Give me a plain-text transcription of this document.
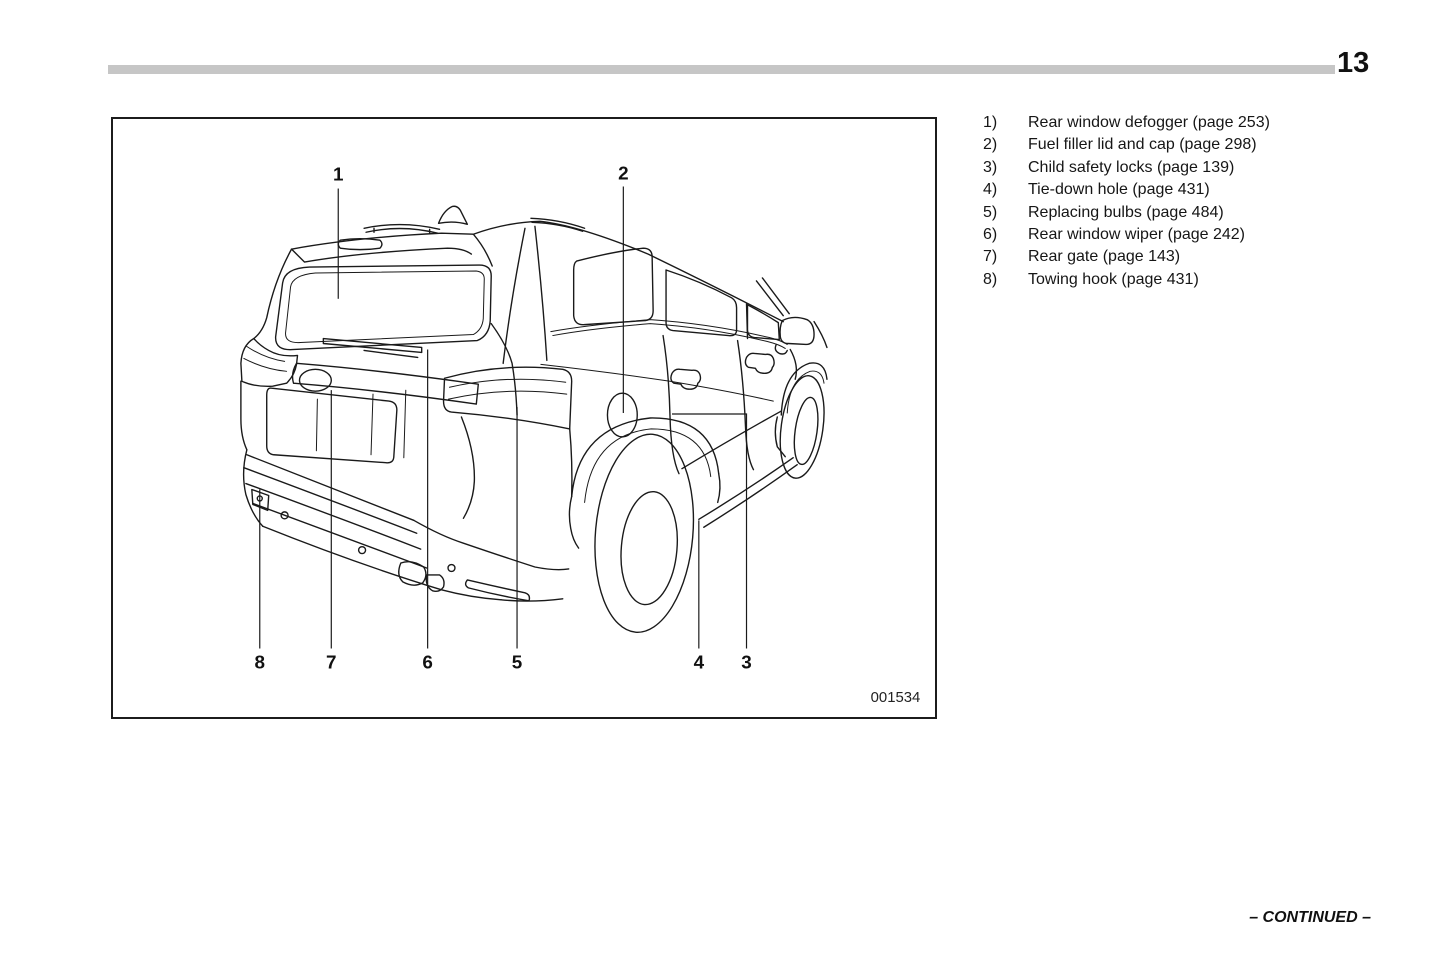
13
1	2
8	7	6	5	4 3
001534
1)	Rear window defogger (page 253)
2)	Fuel filler lid and cap (page 298)
3)	Child safety locks (page 139)
4)	Tie-down hole (page 431)
5)	Replacing bulbs (page 484)
6)	Rear window wiper (page 242)
7)	Rear gate (page 143)
8)	Towing hook (page 431)
– CONTINUED –
